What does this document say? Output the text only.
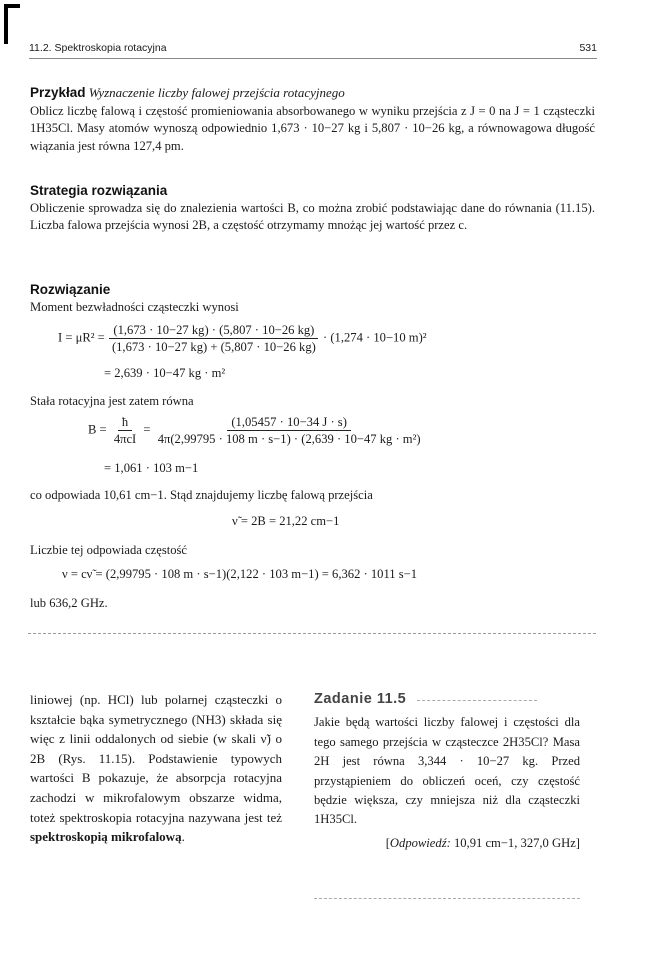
11.2. Spektroskopia rotacyjna	531
Przykład Wyznaczenie liczby falowej przejścia rotacyjnego
Oblicz liczbę falową i częstość promieniowania absorbowanego w wyniku przejścia z J = 0 na J = 1 cząsteczki 1H35Cl. Masy atomów wynoszą odpowiednio 1,673 · 10−27 kg i 5,807 · 10−26 kg, a równowagowa długość wiązania jest równa 127,4 pm.
Strategia rozwiązania
Obliczenie sprowadza się do znalezienia wartości B, co można zrobić podstawiając dane do równania (11.15). Liczba falowa przejścia wynosi 2B, a częstość otrzymamy mnożąc jej wartość przez c.
Rozwiązanie
Moment bezwładności cząsteczki wynosi
$I = \mu R^2 = \frac{(1,673 \cdot 10-27 kg) \cdot (5,807 \cdot 10-26 kg)}{(1,673 \cdot 10-27 kg) + (5,807 \cdot 10-26 kg)} \cdot (1,274 \cdot 10-10$ m)²
= 2,639 · 10−47 kg · m²
Stała rotacyjna jest zatem równa
$B = \frac{ħ}{\text{4πcI}} = \frac{(1,05457 \cdot 10-34 J \cdot s)}{\text{4π(2,99795 · 108 m · s−1) · (2,639 · 10−47 kg · m²)}}$
= 1,061 · 103 m−1
co odpowiada 10,61 cm−1. Stąd znajdujemy liczbę falową przejścia
ν̃ = 2B = 21,22 cm−1
Liczbie tej odpowiada częstość
ν = cν̃ = (2,99795 · 108 m · s−1)(2,122 · 103 m−1) = 6,362 · 1011 s−1
lub 636,2 GHz.
liniowej (np. HCl) lub polarnej cząsteczki o kształcie bąka symetrycznego (NH3) składa się więc z linii oddalonych od siebie (w skali ν̃) o 2B (Rys. 11.15). Podstawienie typowych wartości B pokazuje, że absorpcja rotacyjna zachodzi w mikrofalowym obszarze widma, toteż spektroskopia rotacyjna nazywana jest też spektroskopią mikrofalową.
Zadanie 11.5
Jakie będą wartości liczby falowej i częstości dla tego samego przejścia w cząsteczce 2H35Cl? Masa 2H jest równa 3,344 · 10−27 kg. Przed przystąpieniem do obliczeń oceń, czy częstość będzie większa, czy mniejsza niż dla cząsteczki 1H35Cl.
[Odpowiedź: 10,91 cm−1, 327,0 GHz]
